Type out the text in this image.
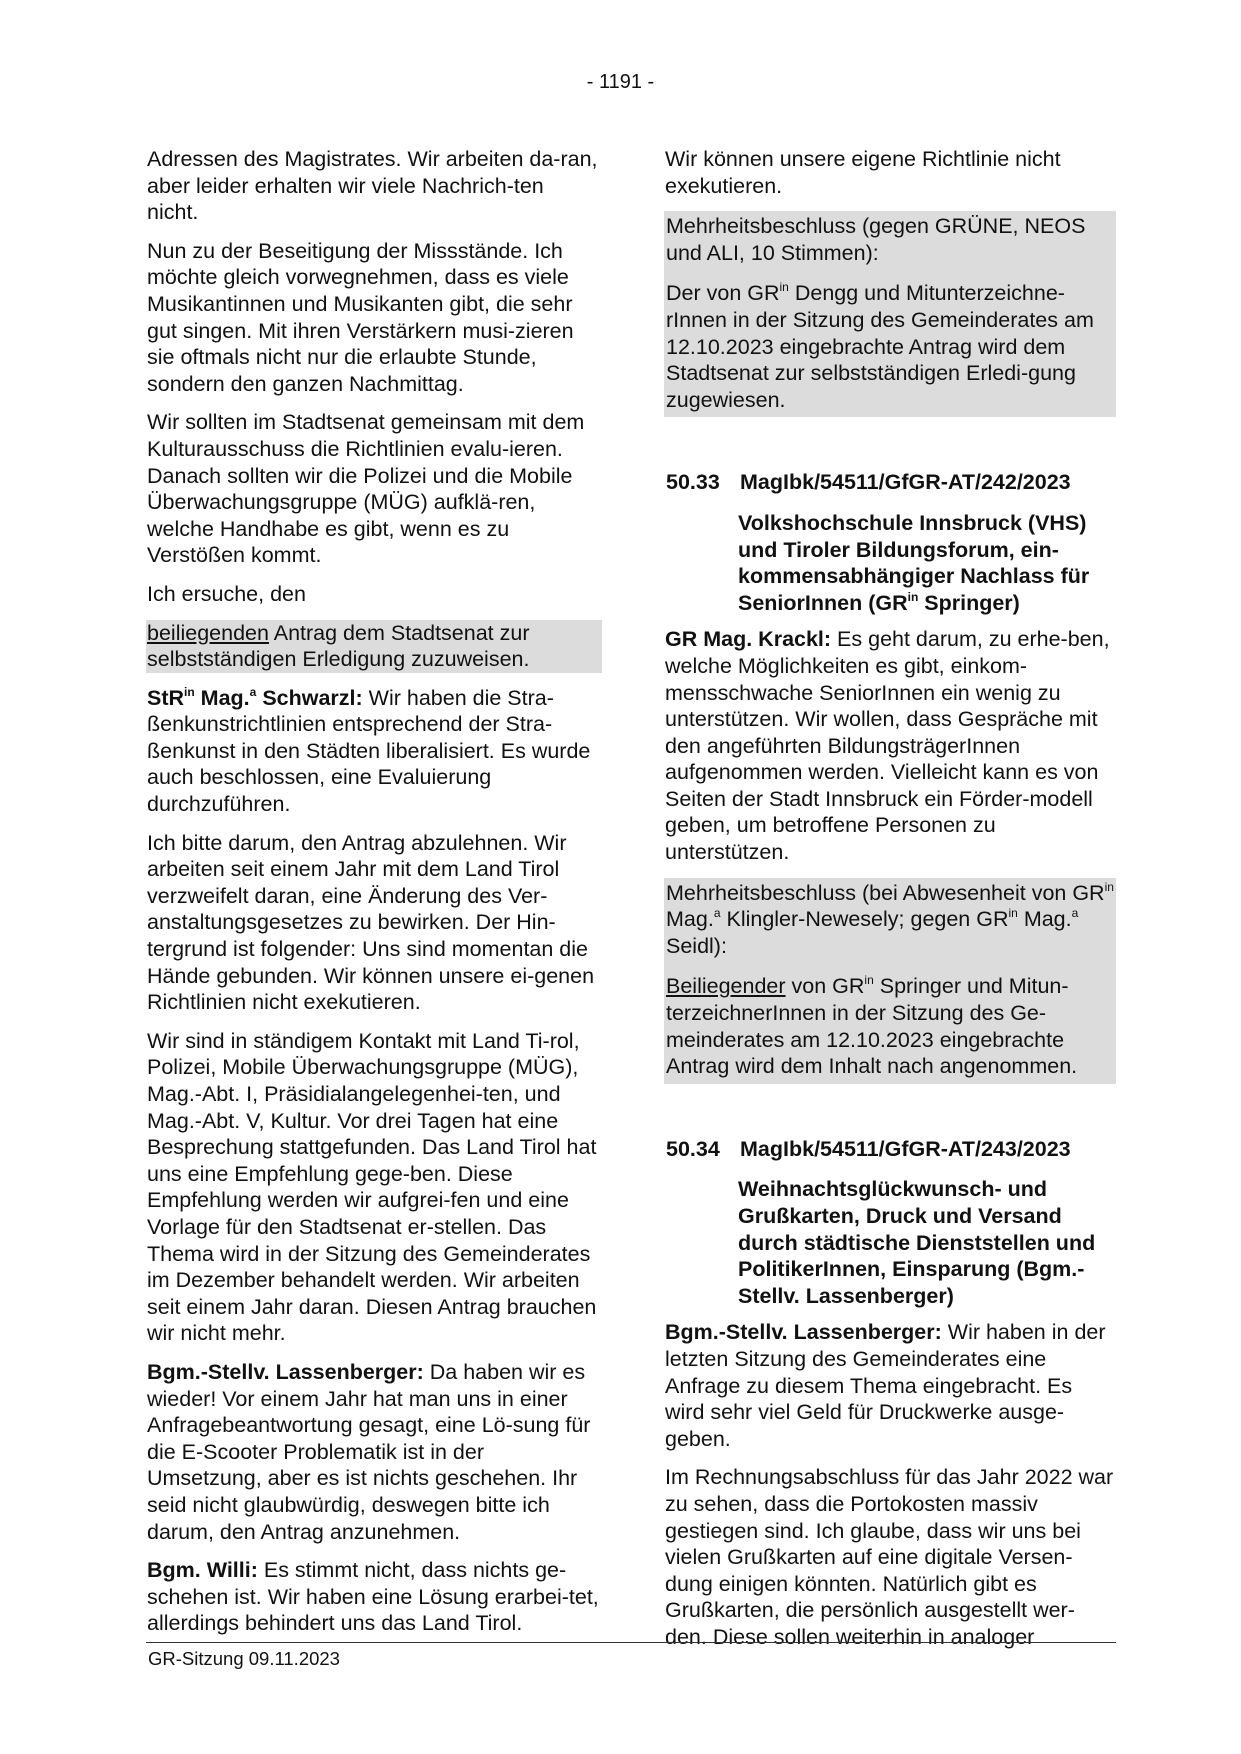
- 1191 -

Adressen des Magistrates. Wir arbeiten da-ran, aber leider erhalten wir viele Nachrich-ten nicht.

Nun zu der Beseitigung der Missstände. Ich möchte gleich vorwegnehmen, dass es viele Musikantinnen und Musikanten gibt, die sehr gut singen. Mit ihren Verstärkern musi-zieren sie oftmals nicht nur die erlaubte Stunde, sondern den ganzen Nachmittag.

Wir sollten im Stadtsenat gemeinsam mit dem Kulturausschuss die Richtlinien evalu-ieren. Danach sollten wir die Polizei und die Mobile Überwachungsgruppe (MÜG) aufklä-ren, welche Handhabe es gibt, wenn es zu Verstößen kommt.

Ich ersuche, den

beiliegenden Antrag dem Stadtsenat zur selbstständigen Erledigung zuzuweisen.

StR$^{in}$ Mag.$^a$ Schwarzl: Wir haben die Stra-ßenkunstrichtlinien entsprechend der Stra-ßenkunst in den Städten liberalisiert. Es wurde auch beschlossen, eine Evaluierung durchzuführen.

Ich bitte darum, den Antrag abzulehnen. Wir arbeiten seit einem Jahr mit dem Land Tirol verzweifelt daran, eine Änderung des Ver-anstaltungsgesetzes zu bewirken. Der Hin-tergrund ist folgender: Uns sind momentan die Hände gebunden. Wir können unsere ei-genen Richtlinien nicht exekutieren.

Wir sind in ständigem Kontakt mit Land Ti-rol, Polizei, Mobile Überwachungsgruppe (MÜG), Mag.-Abt. I, Präsidialangelegenhei-ten, und Mag.-Abt. V, Kultur. Vor drei Tagen hat eine Besprechung stattgefunden. Das Land Tirol hat uns eine Empfehlung gege-ben. Diese Empfehlung werden wir aufgrei-fen und eine Vorlage für den Stadtsenat er-stellen. Das Thema wird in der Sitzung des Gemeinderates im Dezember behandelt werden. Wir arbeiten seit einem Jahr daran. Diesen Antrag brauchen wir nicht mehr.

Bgm.-Stellv. Lassenberger: Da haben wir es wieder! Vor einem Jahr hat man uns in einer Anfragebeantwortung gesagt, eine Lö-sung für die E-Scooter Problematik ist in der Umsetzung, aber es ist nichts geschehen. Ihr seid nicht glaubwürdig, deswegen bitte ich darum, den Antrag anzunehmen.

Bgm. Willi: Es stimmt nicht, dass nichts ge-schehen ist. Wir haben eine Lösung erarbei-tet, allerdings behindert uns das Land Tirol.

Wir können unsere eigene Richtlinie nicht exekutieren.

Mehrheitsbeschluss (gegen GRÜNE, NEOS und ALI, 10 Stimmen):

Der von $GR^{in}$ Dengg und Mitunterzeichne-rInnen in der Sitzung des Gemeinderates am 12.10.2023 eingebrachte Antrag wird dem Stadtsenat zur selbstständigen Erledi-gung zugewiesen.

50.33 MagIbk/54511/GfGR-AT/242/2023
Volkshochschule Innsbruck (VHS) und Tiroler Bildungsforum, ein-kommensabhängiger Nachlass für SeniorInnen ($GR^{in}$ Springer)

GR Mag. Krackl: Es geht darum, zu erhe-ben, welche Möglichkeiten es gibt, einkom-mensschwache SeniorInnen ein wenig zu unterstützen. Wir wollen, dass Gespräche mit den angeführten BildungsträgerInnen aufgenommen werden. Vielleicht kann es von Seiten der Stadt Innsbruck ein Förder-modell geben, um betroffene Personen zu unterstützen.

Mehrheitsbeschluss (bei Abwesenheit von $GR^{in}$ Mag.$^a$ Klingler-Newesely; gegen $GR^{in}$ Mag.$^a$ Seidl):

Beiliegender von $GR^{in}$ Springer und Mitun-terzeichnerInnen in der Sitzung des Ge-meinderates am 12.10.2023 eingebrachte Antrag wird dem Inhalt nach angenommen.

50.34 MagIbk/54511/GfGR-AT/243/2023
Weihnachtsglückwunsch- und Grußkarten, Druck und Versand durch städtische Dienststellen und PolitikerInnen, Einsparung (Bgm.-Stellv. Lassenberger)

Bgm.-Stellv. Lassenberger: Wir haben in der letzten Sitzung des Gemeinderates eine Anfrage zu diesem Thema eingebracht. Es wird sehr viel Geld für Druckwerke ausge-geben.

Im Rechnungsabschluss für das Jahr 2022 war zu sehen, dass die Portokosten massiv gestiegen sind. Ich glaube, dass wir uns bei vielen Grußkarten auf eine digitale Versen-dung einigen könnten. Natürlich gibt es Grußkarten, die persönlich ausgestellt wer-den. Diese sollen weiterhin in analoger

GR-Sitzung 09.11.2023
